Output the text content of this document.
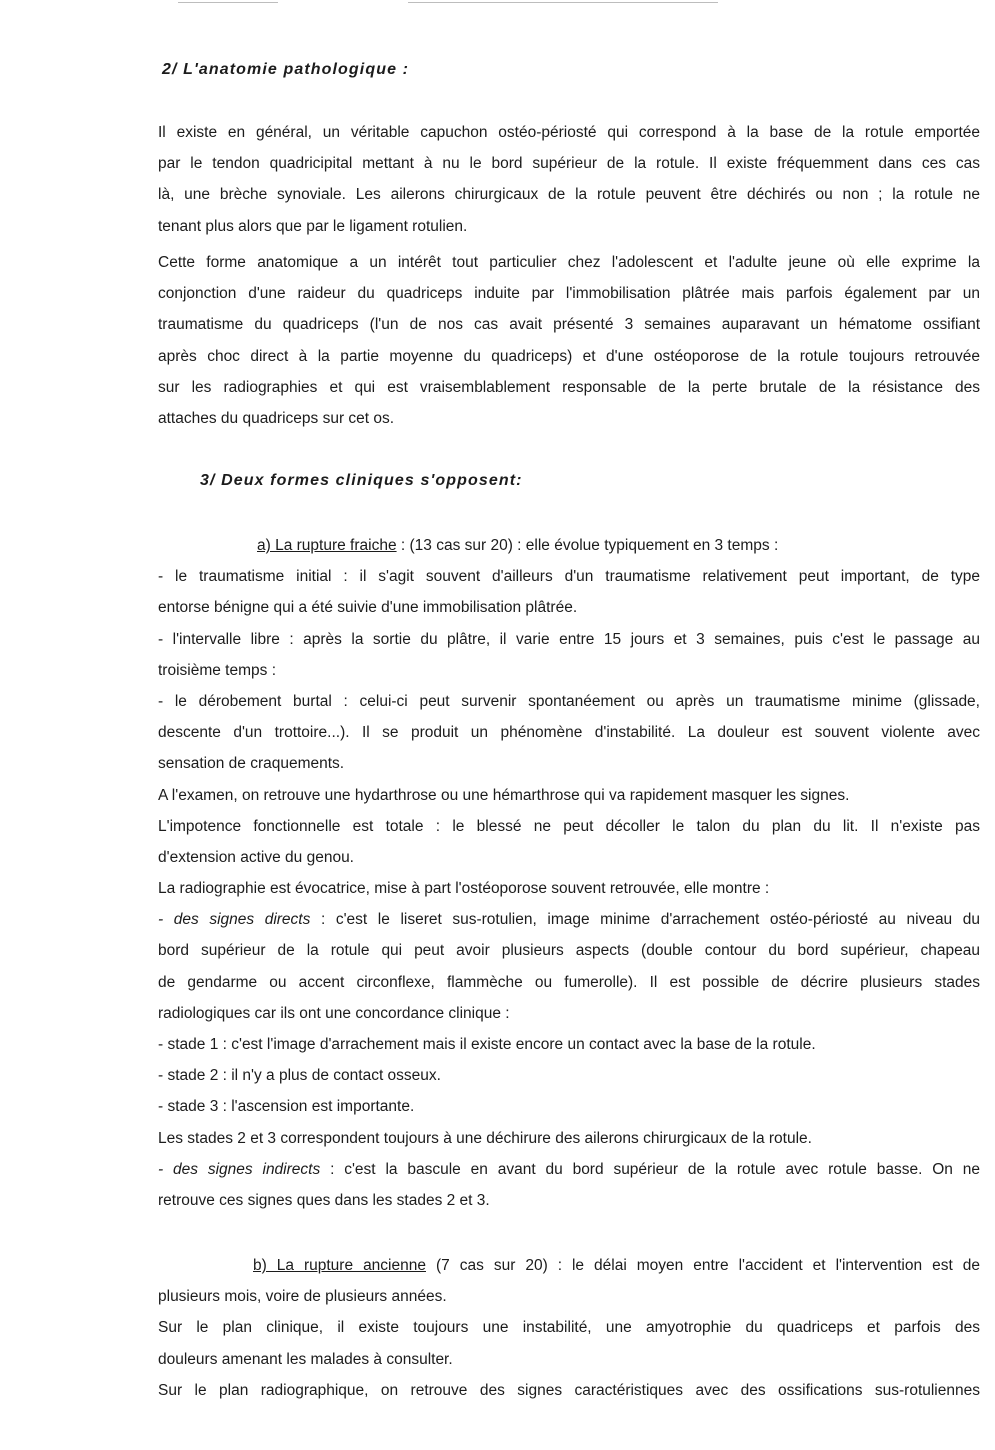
2/ L'anatomie pathologique :
Il existe en général, un véritable capuchon ostéo-périosté qui correspond à la base de la rotule emportée
par le tendon quadricipital mettant à nu le bord supérieur de la rotule. Il existe fréquemment dans ces cas
là, une brèche synoviale. Les ailerons chirurgicaux de la rotule peuvent être déchirés ou non ; la rotule ne
tenant plus alors que par le ligament rotulien.
Cette forme anatomique a un intérêt tout particulier chez l'adolescent et l'adulte jeune où elle exprime la
conjonction d'une raideur du quadriceps induite par l'immobilisation plâtrée mais parfois également par un
traumatisme du quadriceps (l'un de nos cas avait présenté 3 semaines auparavant un hématome ossifiant
après choc direct à la partie moyenne du quadriceps) et d'une ostéoporose de la rotule toujours retrouvée
sur les radiographies et qui est vraisemblablement responsable de la perte brutale de la résistance des
attaches du quadriceps sur cet os.
3/ Deux formes cliniques s'opposent:
a) La rupture fraiche : (13 cas sur 20) : elle évolue typiquement en 3 temps :
- le traumatisme initial : il s'agit souvent d'ailleurs d'un traumatisme relativement peut important, de type
entorse bénigne qui a été suivie d'une immobilisation plâtrée.
- l'intervalle libre : après la sortie du plâtre, il varie entre 15 jours et 3 semaines, puis c'est le passage au
troisième temps :
- le dérobement burtal : celui-ci peut survenir spontanéement ou après un traumatisme minime (glissade,
descente d'un trottoire...). Il se produit un phénomène d'instabilité. La douleur est souvent violente avec
sensation de craquements.
A l'examen, on retrouve une hydarthrose ou une hémarthrose qui va rapidement masquer les signes.
L'impotence fonctionnelle est totale : le blessé ne peut décoller le talon du plan du lit. Il n'existe pas
d'extension active du genou.
La radiographie est évocatrice, mise à part l'ostéoporose souvent retrouvée, elle montre :
- des signes directs : c'est le liseret sus-rotulien, image minime d'arrachement ostéo-périosté au niveau du
bord supérieur de la rotule qui peut avoir plusieurs aspects (double contour du bord supérieur, chapeau
de gendarme ou accent circonflexe, flammèche ou fumerolle). Il est possible de décrire plusieurs stades
radiologiques car ils ont une concordance clinique :
- stade 1 : c'est l'image d'arrachement mais il existe encore un contact avec la base de la rotule.
- stade 2 : il n'y a plus de contact osseux.
- stade 3 : l'ascension est importante.
Les stades 2 et 3 correspondent toujours à une déchirure des ailerons chirurgicaux de la rotule.
- des signes indirects : c'est la bascule en avant du bord supérieur de la rotule avec rotule basse. On ne
retrouve ces signes ques dans les stades 2 et 3.
b) La rupture ancienne (7 cas sur 20) : le délai moyen entre l'accident et l'intervention est de
plusieurs mois, voire de plusieurs années.
Sur le plan clinique, il existe toujours une instabilité, une amyotrophie du quadriceps et parfois des
douleurs amenant les malades à consulter.
Sur le plan radiographique, on retrouve des signes caractéristiques avec des ossifications sus-rotuliennes
